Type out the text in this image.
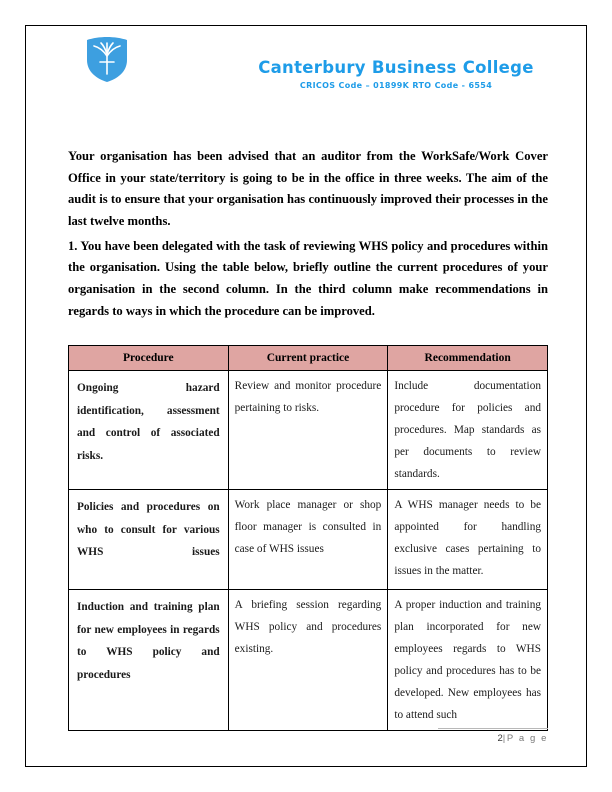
Canterbury Business College
CRICOS Code – 01899K RTO Code - 6554

Your organisation has been advised that an auditor from the WorkSafe/Work Cover Office in your state/territory is going to be in the office in three weeks. The aim of the audit is to ensure that your organisation has continuously improved their processes in the last twelve months.

1. You have been delegated with the task of reviewing WHS policy and procedures within the organisation. Using the table below, briefly outline the current procedures of your organisation in the second column. In the third column make recommendations in regards to ways in which the procedure can be improved.

Procedure	Current practice	Recommendation

Ongoing hazard identification, assessment and control of associated risks.	Review and monitor procedure pertaining to risks.	Include documentation procedure for policies and procedures. Map standards as per documents to review standards.

Policies and procedures on who to consult for various WHS issues	Work place manager or shop floor manager is consulted in case of WHS issues	A WHS manager needs to be appointed for handling exclusive cases pertaining to issues in the matter.

Induction and training plan for new employees in regards to WHS policy and procedures	A briefing session regarding WHS policy and procedures existing.	A proper induction and training plan incorporated for new employees regards to WHS policy and procedures has to be developed. New employees has to attend such
2|P a g e
